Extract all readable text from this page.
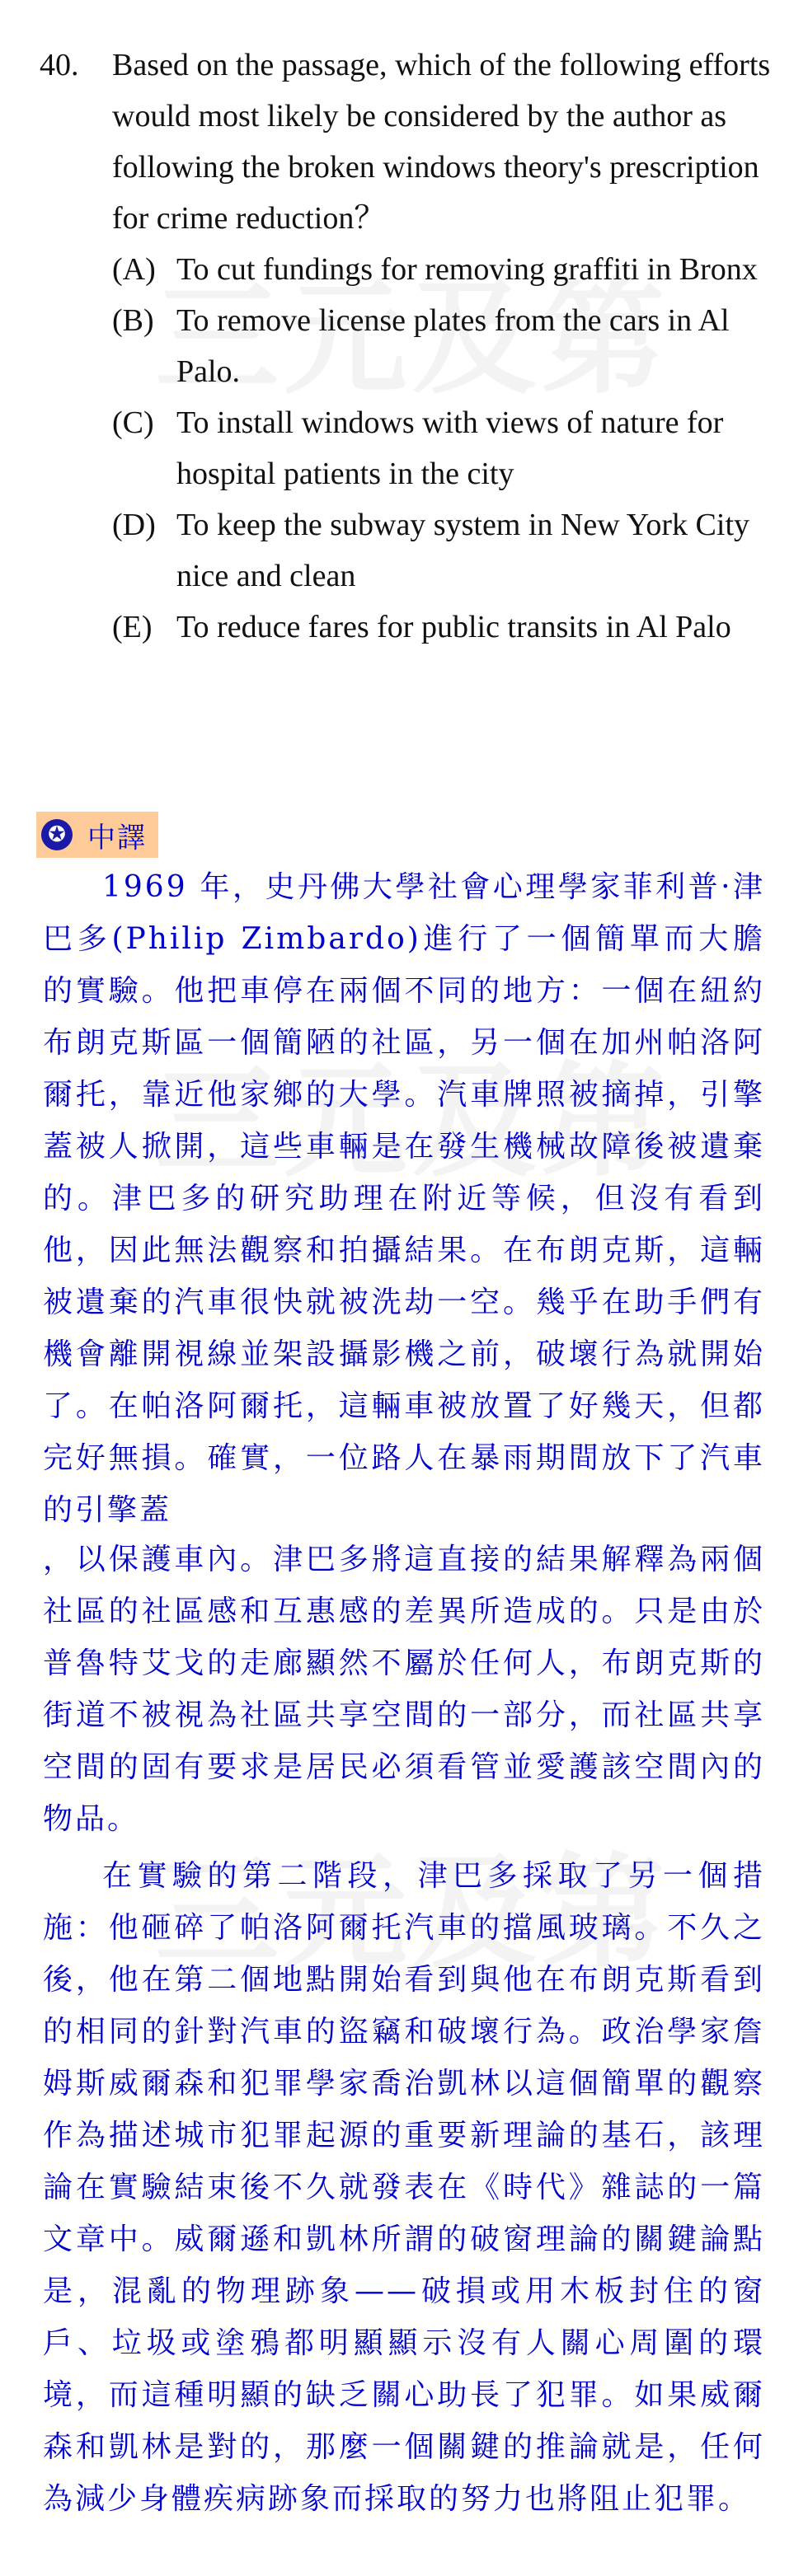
40.	Based on the passage, which of the following efforts would most likely be considered by the author as following the broken windows theory's prescription for crime reduction？
(A) To cut fundings for removing graffiti in Bronx
(B) To remove license plates from the cars in Al Palo.
(C) To install windows with views of nature for hospital patients in the city
(D) To keep the subway system in New York City nice and clean
(E) To reduce fares for public transits in Al Palo
✪ 中譯

1969 年，史丹佛大學社會心理學家菲利普·津巴多(Philip Zimbardo)進行了一個簡單而大膽的實驗。他把車停在兩個不同的地方：一個在紐約布朗克斯區一個簡陋的社區，另一個在加州帕洛阿爾托，靠近他家鄉的大學。汽車牌照被摘掉，引擎蓋被人掀開，這些車輛是在發生機械故障後被遺棄的。津巴多的研究助理在附近等候，但沒有看到他，因此無法觀察和拍攝結果。在布朗克斯，這輛被遺棄的汽車很快就被洗劫一空。幾乎在助手們有機會離開視線並架設攝影機之前，破壞行為就開始了。在帕洛阿爾托，這輛車被放置了好幾天，但都完好無損。確實，一位路人在暴雨期間放下了汽車的引擎蓋

，以保護車內。津巴多將這直接的結果解釋為兩個社區的社區感和互惠感的差異所造成的。只是由於普魯特艾戈的走廊顯然不屬於任何人，布朗克斯的街道不被視為社區共享空間的一部分，而社區共享空間的固有要求是居民必須看管並愛護該空間內的物品。

在實驗的第二階段，津巴多採取了另一個措施：他砸碎了帕洛阿爾托汽車的擋風玻璃。不久之後，他在第二個地點開始看到與他在布朗克斯看到的相同的針對汽車的盜竊和破壞行為。政治學家詹姆斯威爾森和犯罪學家喬治凱林以這個簡單的觀察作為描述城市犯罪起源的重要新理論的基石，該理論在實驗結束後不久就發表在《時代》雜誌的一篇文章中。威爾遜和凱林所謂的破窗理論的關鍵論點是，混亂的物理跡象——破損或用木板封住的窗戶、垃圾或塗鴉都明顯顯示沒有人關心周圍的環境，而這種明顯的缺乏關心助長了犯罪。如果威爾森和凱林是對的，那麼一個關鍵的推論就是，任何為減少身體疾病跡象而採取的努力也將阻止犯罪。
